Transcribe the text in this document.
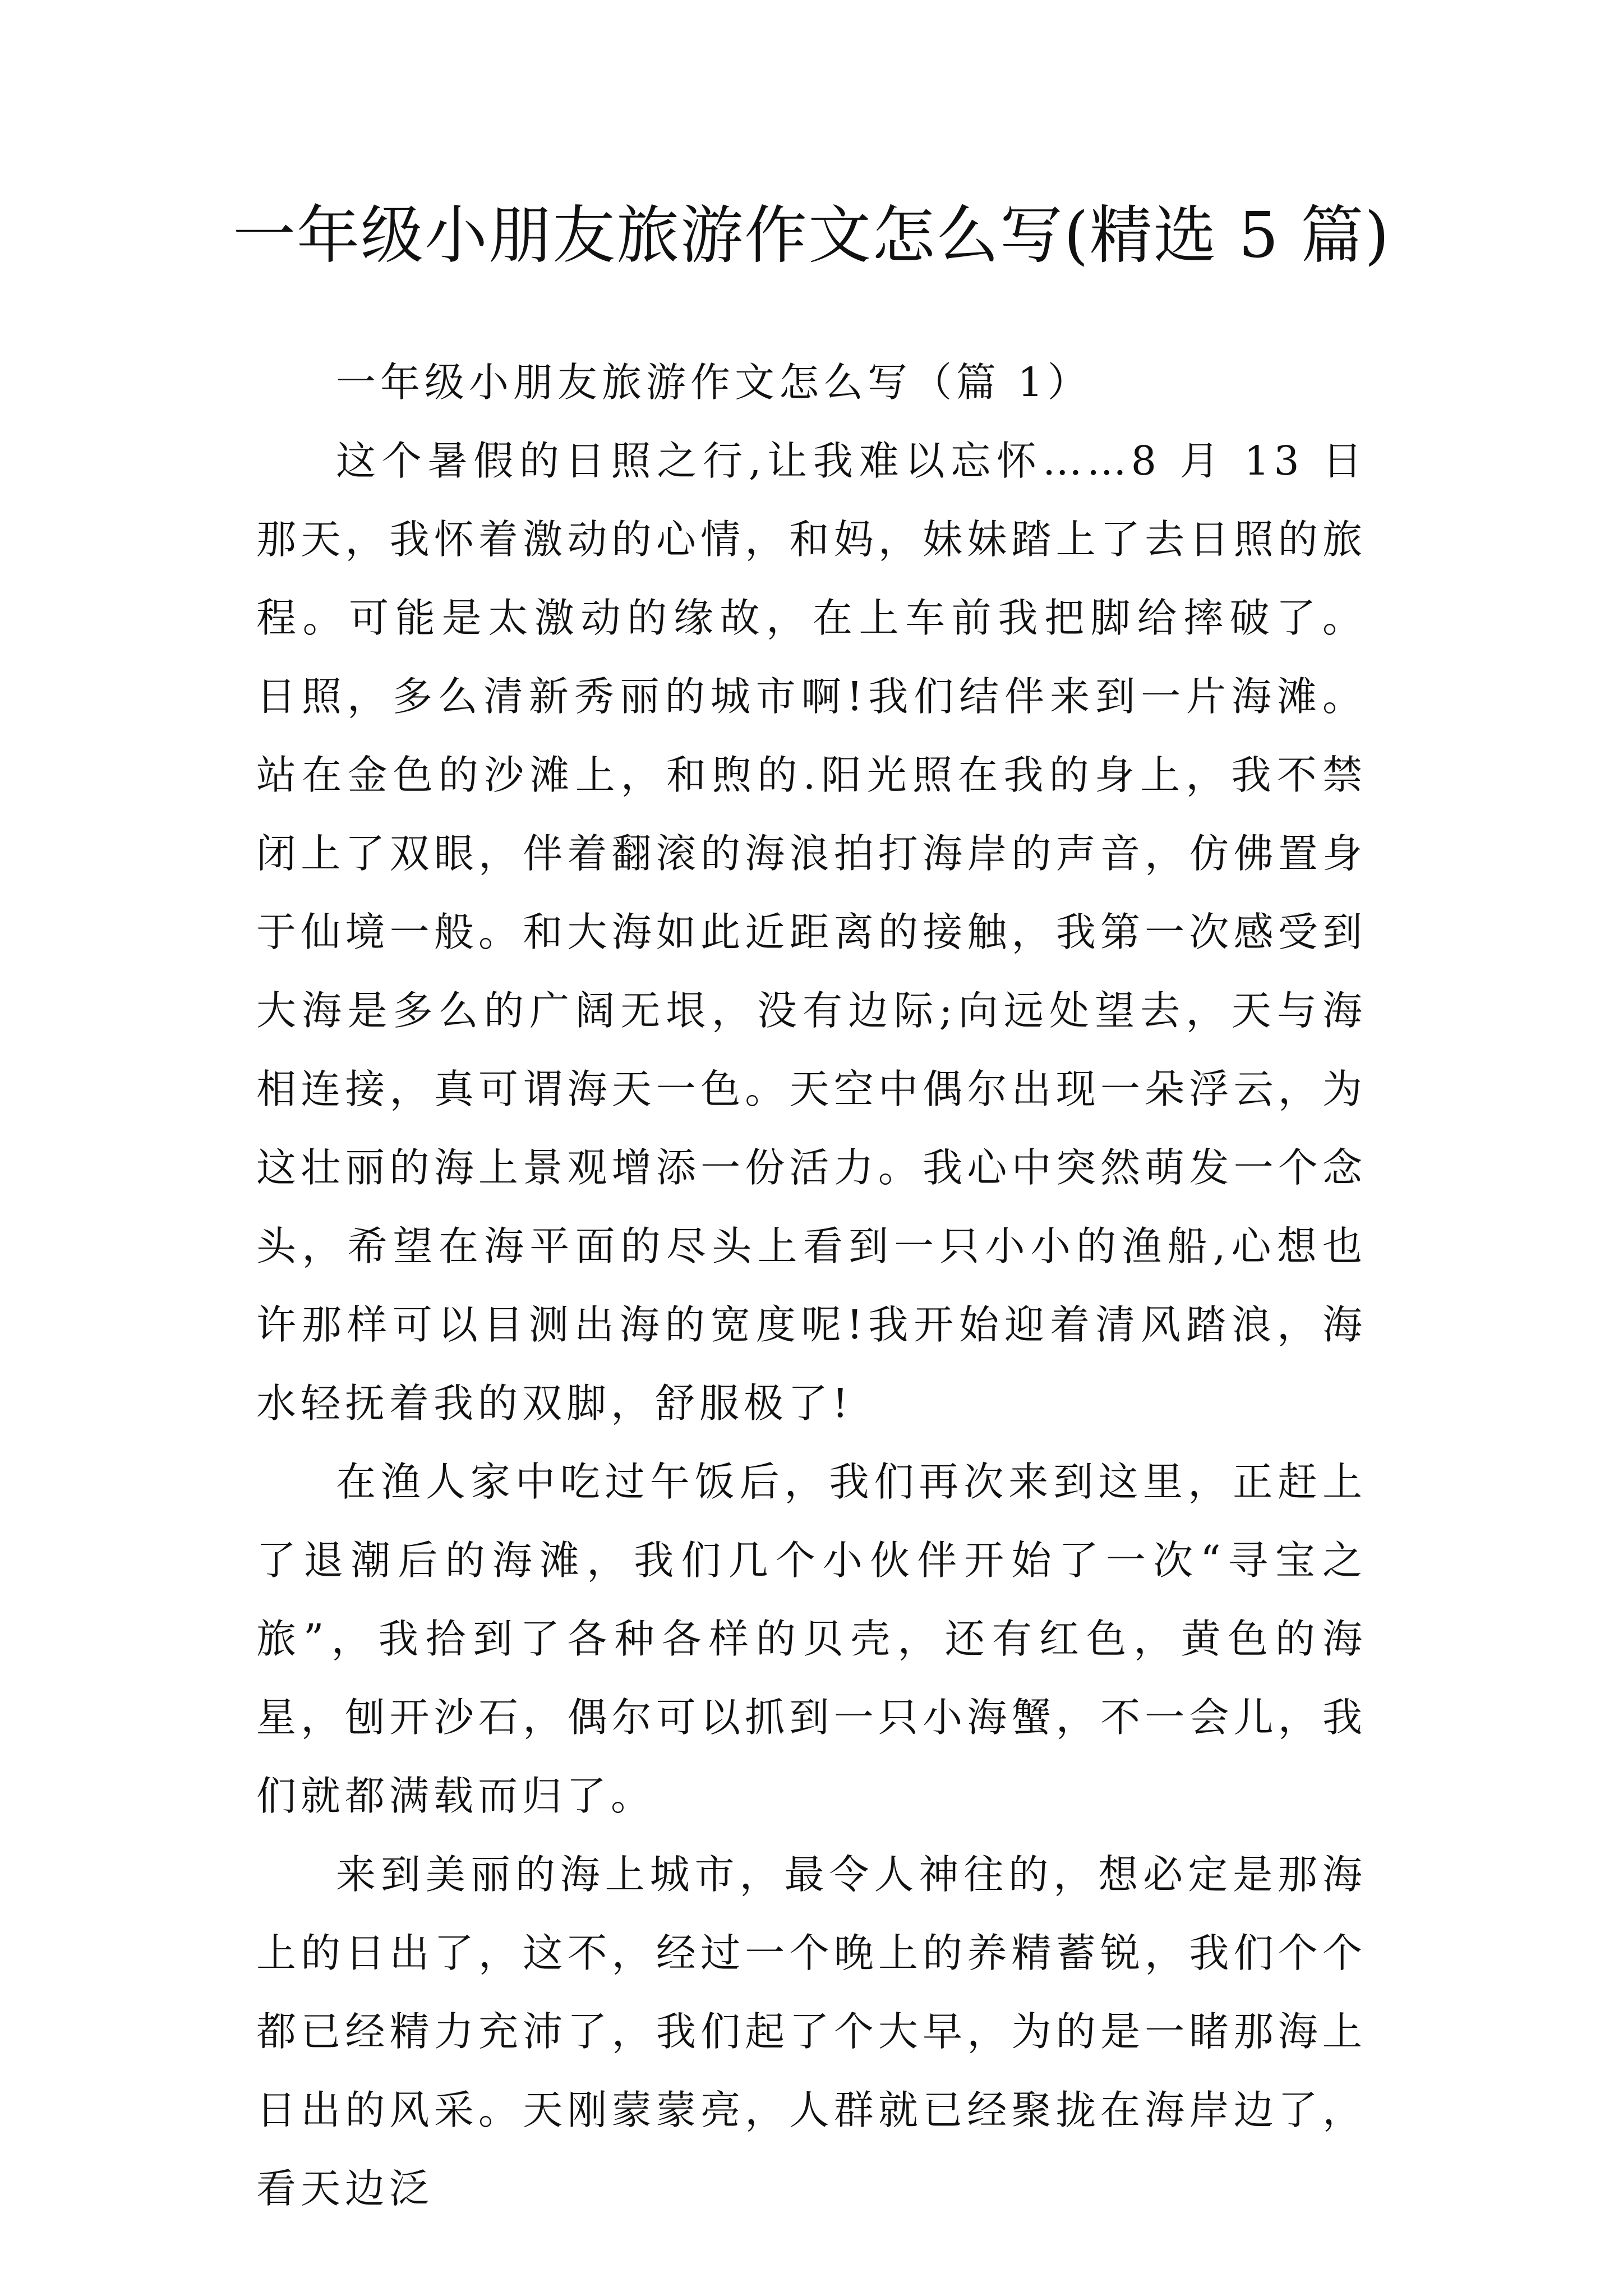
一年级小朋友旅游作文怎么写(精选 5 篇)

一年级小朋友旅游作文怎么写（篇 1）

这个暑假的日照之行,让我难以忘怀……8 月 13 日那天，我怀着激动的心情，和妈，妹妹踏上了去日照的旅程。可能是太激动的缘故，在上车前我把脚给摔破了。 日照，多么清新秀丽的城市啊!我们结伴来到一片海滩。站在金色的沙滩上，和煦的.阳光照在我的身上，我不禁闭上了双眼，伴着翻滚的海浪拍打海岸的声音，仿佛置身于仙境一般。和大海如此近距离的接触，我第一次感受到大海是多么的广阔无垠，没有边际;向远处望去，天与海相连接，真可谓海天一色。天空中偶尔出现一朵浮云，为这壮丽的海上景观增添一份活力。我心中突然萌发一个念头，希望在海平面的尽头上看到一只小小的渔船,心想也许那样可以目测出海的宽度呢!我开始迎着清风踏浪，海水轻抚着我的双脚，舒服极了!

在渔人家中吃过午饭后，我们再次来到这里，正赶上了退潮后的海滩，我们几个小伙伴开始了一次“寻宝之旅”，我拾到了各种各样的贝壳，还有红色，黄色的海星，刨开沙石，偶尔可以抓到一只小海蟹，不一会儿，我们就都满载而归了。

来到美丽的海上城市，最令人神往的，想必定是那海上的日出了，这不，经过一个晚上的养精蓄锐，我们个个都已经精力充沛了，我们起了个大早，为的是一睹那海上日出的风采。天刚蒙蒙亮，人群就已经聚拢在海岸边了，看天边泛
